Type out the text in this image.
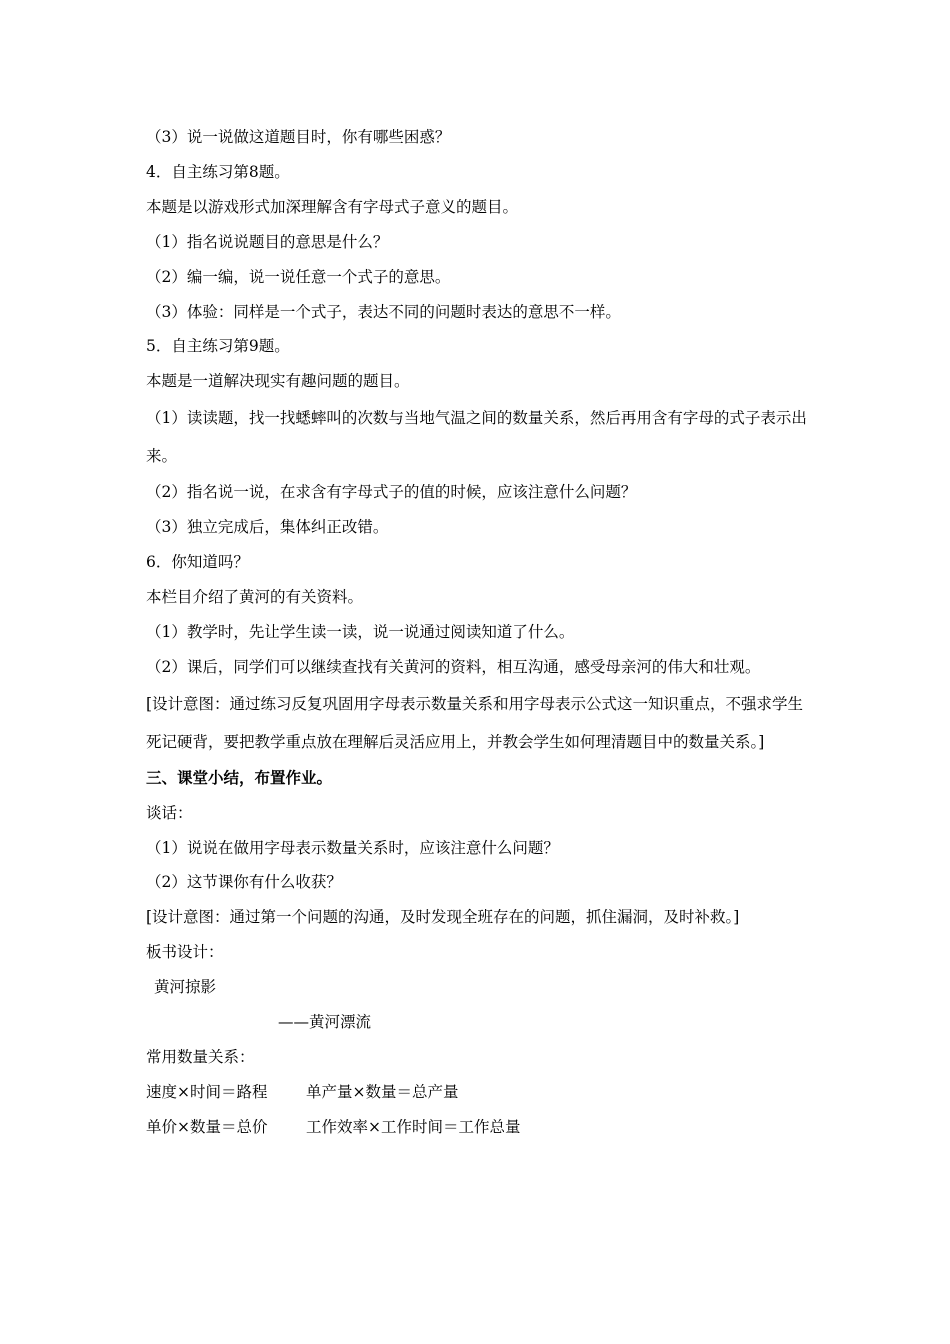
（3）说一说做这道题目时，你有哪些困惑？

4．自主练习第8题。

本题是以游戏形式加深理解含有字母式子意义的题目。

（1）指名说说题目的意思是什么？

（2）编一编，说一说任意一个式子的意思。

（3）体验：同样是一个式子，表达不同的问题时表达的意思不一样。

5．自主练习第9题。

本题是一道解决现实有趣问题的题目。

（1）读读题，找一找蟋蟀叫的次数与当地气温之间的数量关系，然后再用含有字母的式子表示出来。

（2）指名说一说，在求含有字母式子的值的时候，应该注意什么问题？

（3）独立完成后，集体纠正改错。

6．你知道吗？

本栏目介绍了黄河的有关资料。

（1）教学时，先让学生读一读，说一说通过阅读知道了什么。

（2）课后，同学们可以继续查找有关黄河的资料，相互沟通，感受母亲河的伟大和壮观。

[设计意图：通过练习反复巩固用字母表示数量关系和用字母表示公式这一知识重点，不强求学生死记硬背，要把教学重点放在理解后灵活应用上，并教会学生如何理清题目中的数量关系。]

三、课堂小结，布置作业。

谈话：

（1）说说在做用字母表示数量关系时，应该注意什么问题？

（2）这节课你有什么收获？

[设计意图：通过第一个问题的沟通，及时发现全班存在的问题，抓住漏洞，及时补救。]

板书设计：

黄河掠影

——黄河漂流

常用数量关系：

速度×时间＝路程	单产量×数量＝总产量
单价×数量＝总价	工作效率×工作时间＝工作总量
